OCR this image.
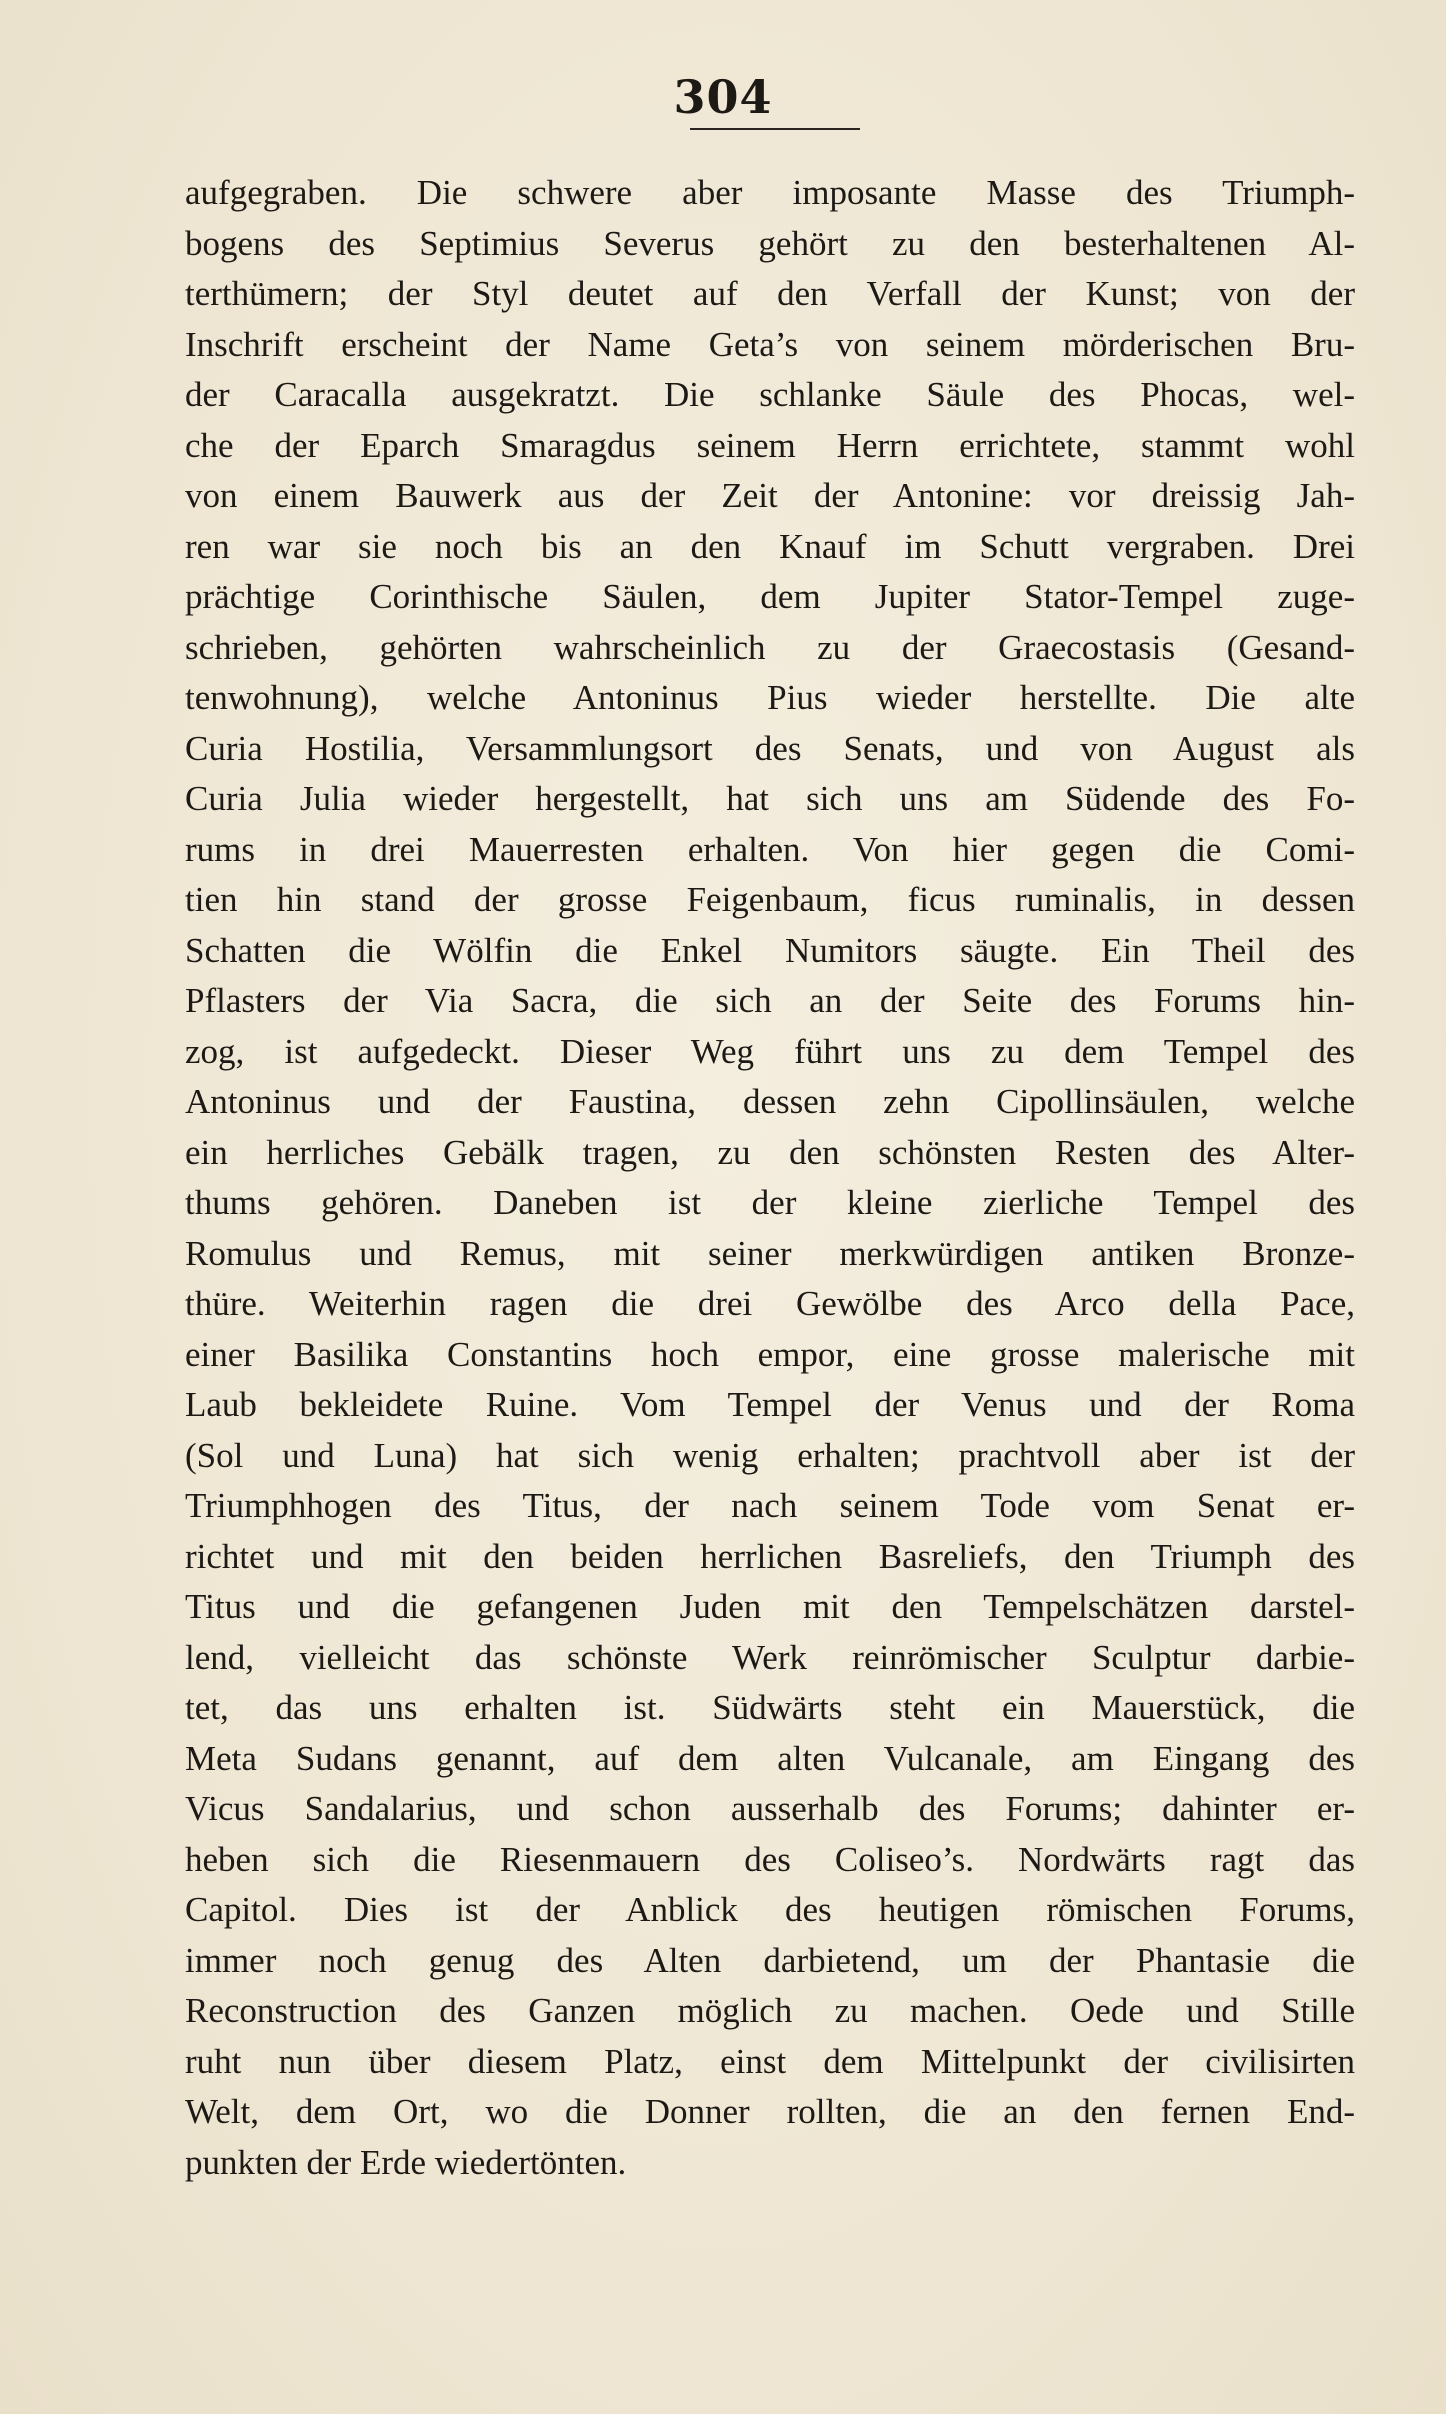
304
aufgegraben. Die schwere aber imposante Masse des Triumph-
bogens des Septimius Severus gehört zu den besterhaltenen Al-
terthümern; der Styl deutet auf den Verfall der Kunst; von der
Inschrift erscheint der Name Geta’s von seinem mörderischen Bru-
der Caracalla ausgekratzt. Die schlanke Säule des Phocas, wel-
che der Eparch Smaragdus seinem Herrn errichtete, stammt wohl
von einem Bauwerk aus der Zeit der Antonine: vor dreissig Jah-
ren war sie noch bis an den Knauf im Schutt vergraben. Drei
prächtige Corinthische Säulen, dem Jupiter Stator-Tempel zuge-
schrieben, gehörten wahrscheinlich zu der Graecostasis (Gesand-
tenwohnung), welche Antoninus Pius wieder herstellte. Die alte
Curia Hostilia, Versammlungsort des Senats, und von August als
Curia Julia wieder hergestellt, hat sich uns am Südende des Fo-
rums in drei Mauerresten erhalten. Von hier gegen die Comi-
tien hin stand der grosse Feigenbaum, ficus ruminalis, in dessen
Schatten die Wölfin die Enkel Numitors säugte. Ein Theil des
Pflasters der Via Sacra, die sich an der Seite des Forums hin-
zog, ist aufgedeckt. Dieser Weg führt uns zu dem Tempel des
Antoninus und der Faustina, dessen zehn Cipollinsäulen, welche
ein herrliches Gebälk tragen, zu den schönsten Resten des Alter-
thums gehören. Daneben ist der kleine zierliche Tempel des
Romulus und Remus, mit seiner merkwürdigen antiken Bronze-
thüre. Weiterhin ragen die drei Gewölbe des Arco della Pace,
einer Basilika Constantins hoch empor, eine grosse malerische mit
Laub bekleidete Ruine. Vom Tempel der Venus und der Roma
(Sol und Luna) hat sich wenig erhalten; prachtvoll aber ist der
Triumphhogen des Titus, der nach seinem Tode vom Senat er-
richtet und mit den beiden herrlichen Basreliefs, den Triumph des
Titus und die gefangenen Juden mit den Tempelschätzen darstel-
lend, vielleicht das schönste Werk reinrömischer Sculptur darbie-
tet, das uns erhalten ist. Südwärts steht ein Mauerstück, die
Meta Sudans genannt, auf dem alten Vulcanale, am Eingang des
Vicus Sandalarius, und schon ausserhalb des Forums; dahinter er-
heben sich die Riesenmauern des Coliseo’s. Nordwärts ragt das
Capitol. Dies ist der Anblick des heutigen römischen Forums,
immer noch genug des Alten darbietend, um der Phantasie die
Reconstruction des Ganzen möglich zu machen. Oede und Stille
ruht nun über diesem Platz, einst dem Mittelpunkt der civilisirten
Welt, dem Ort, wo die Donner rollten, die an den fernen End-
punkten der Erde wiedertönten.
